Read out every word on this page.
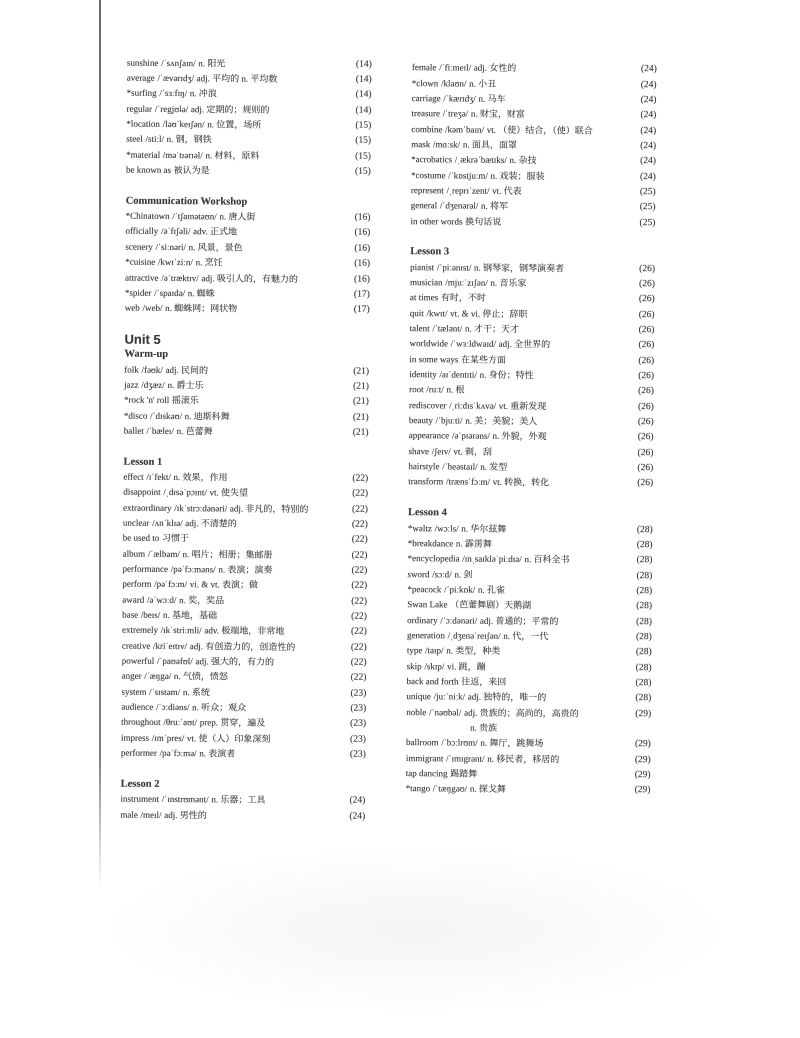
sunshine /ˈsʌnʃaɪn/ n. 阳光	(14)
average /ˈævərɪdʒ/ adj. 平均的 n. 平均数	(14)
*surfing /ˈsɜːfɪŋ/ n. 冲浪	(14)
regular /ˈregjʊlə/ adj. 定期的；规则的	(14)
*location /ləʊˈkeɪʃən/ n. 位置，场所	(15)
steel /stiːl/ n. 钢，钢铁	(15)
*material /məˈtɪərɪəl/ n. 材料，原料	(15)
be known as 被认为是	(15)
Communication Workshop
*Chinatown /ˈtʃaɪnətaʊn/ n. 唐人街	(16)
officially /əˈfɪʃəli/ adv. 正式地	(16)
scenery /ˈsiːnəri/ n. 风景，景色	(16)
*cuisine /kwɪˈziːn/ n. 烹饪	(16)
attractive /əˈtræktɪv/ adj. 吸引人的，有魅力的	(16)
*spider /ˈspaɪdə/ n. 蜘蛛	(17)
web /web/ n. 蜘蛛网；网状物	(17)
Unit 5
Warm-up
folk /fəʊk/ adj. 民间的	(21)
jazz /dʒæz/ n. 爵士乐	(21)
*rock 'n' roll 摇滚乐	(21)
*disco /ˈdɪskəʊ/ n. 迪斯科舞	(21)
ballet /ˈbæleɪ/ n. 芭蕾舞	(21)
Lesson 1
effect /ɪˈfekt/ n. 效果，作用	(22)
disappoint /ˌdɪsəˈpɔɪnt/ vt. 使失望	(22)
extraordinary /ɪkˈstrɔːdənəri/ adj. 非凡的，特别的	(22)
unclear /ʌnˈklɪə/ adj. 不清楚的	(22)
be used to 习惯于	(22)
album /ˈælbəm/ n. 唱片；相册；集邮册	(22)
performance /pəˈfɔːməns/ n. 表演；演奏	(22)
perform /pəˈfɔːm/ vi. & vt. 表演；做	(22)
award /əˈwɔːd/ n. 奖，奖品	(22)
base /beɪs/ n. 基地，基础	(22)
extremely /ɪkˈstriːmli/ adv. 极端地，非常地	(22)
creative /kriˈeɪtɪv/ adj. 有创造力的，创造性的	(22)
powerful /ˈpaʊəfʊl/ adj. 强大的，有力的	(22)
anger /ˈæŋgə/ n. 气愤，愤怒	(22)
system /ˈsɪstəm/ n. 系统	(23)
audience /ˈɔːdiəns/ n. 听众；观众	(23)
throughout /θruːˈaʊt/ prep. 贯穿，遍及	(23)
impress /ɪmˈpres/ vt. 使（人）印象深刻	(23)
performer /pəˈfɔːmə/ n. 表演者	(23)
Lesson 2
instrument /ˈɪnstrʊmənt/ n. 乐器；工具	(24)
male /meɪl/ adj. 男性的	(24)
female /ˈfiːmeɪl/ adj. 女性的	(24)
*clown /klaʊn/ n. 小丑	(24)
carriage /ˈkærɪdʒ/ n. 马车	(24)
treasure /ˈtreʒə/ n. 财宝，财富	(24)
combine /kəmˈbaɪn/ vt. （使）结合，（使）联合	(24)
mask /mɑːsk/ n. 面具，面罩	(24)
*acrobatics /ˌækrəˈbætɪks/ n. 杂技	(24)
*costume /ˈkɒstjuːm/ n. 戏装；服装	(24)
represent /ˌreprɪˈzent/ vt. 代表	(25)
general /ˈdʒenərəl/ n. 将军	(25)
in other words 换句话说	(25)
Lesson 3
pianist /ˈpiːənɪst/ n. 钢琴家，钢琴演奏者	(26)
musician /mjuːˈzɪʃən/ n. 音乐家	(26)
at times 有时，不时	(26)
quit /kwɪt/ vt. & vi. 停止；辞职	(26)
talent /ˈtælənt/ n. 才干；天才	(26)
worldwide /ˈwɜːldwaɪd/ adj. 全世界的	(26)
in some ways 在某些方面	(26)
identity /aɪˈdentɪti/ n. 身份；特性	(26)
root /ruːt/ n. 根	(26)
rediscover /ˌriːdɪsˈkʌvə/ vt. 重新发现	(26)
beauty /ˈbjuːti/ n. 美；美貌；美人	(26)
appearance /əˈpɪərəns/ n. 外貌，外观	(26)
shave /ʃeɪv/ vt. 剃，刮	(26)
hairstyle /ˈheəstaɪl/ n. 发型	(26)
transform /trænsˈfɔːm/ vt. 转换，转化	(26)
Lesson 4
*waltz /wɔːls/ n. 华尔兹舞	(28)
*breakdance n. 霹雳舞	(28)
*encyclopedia /ɪnˌsaɪkləˈpiːdɪə/ n. 百科全书	(28)
sword /sɔːd/ n. 剑	(28)
*peacock /ˈpiːkɒk/ n. 孔雀	(28)
Swan Lake （芭蕾舞剧）天鹅湖	(28)
ordinary /ˈɔːdənəri/ adj. 普通的；平常的	(28)
generation /ˌdʒenəˈreɪʃən/ n. 代，一代	(28)
type /taɪp/ n. 类型，种类	(28)
skip /skɪp/ vi. 跳，蹦	(28)
back and forth 往返，来回	(28)
unique /juːˈniːk/ adj. 独特的，唯一的	(28)
noble /ˈnəʊbəl/ adj. 贵族的；高尚的，高贵的	(29)
n. 贵族
ballroom /ˈbɔːlrʊm/ n. 舞厅，跳舞场	(29)
immigrant /ˈɪmɪgrənt/ n. 移民者，移居的	(29)
tap dancing 踢踏舞	(29)
*tango /ˈtæŋgəʊ/ n. 探戈舞	(29)
